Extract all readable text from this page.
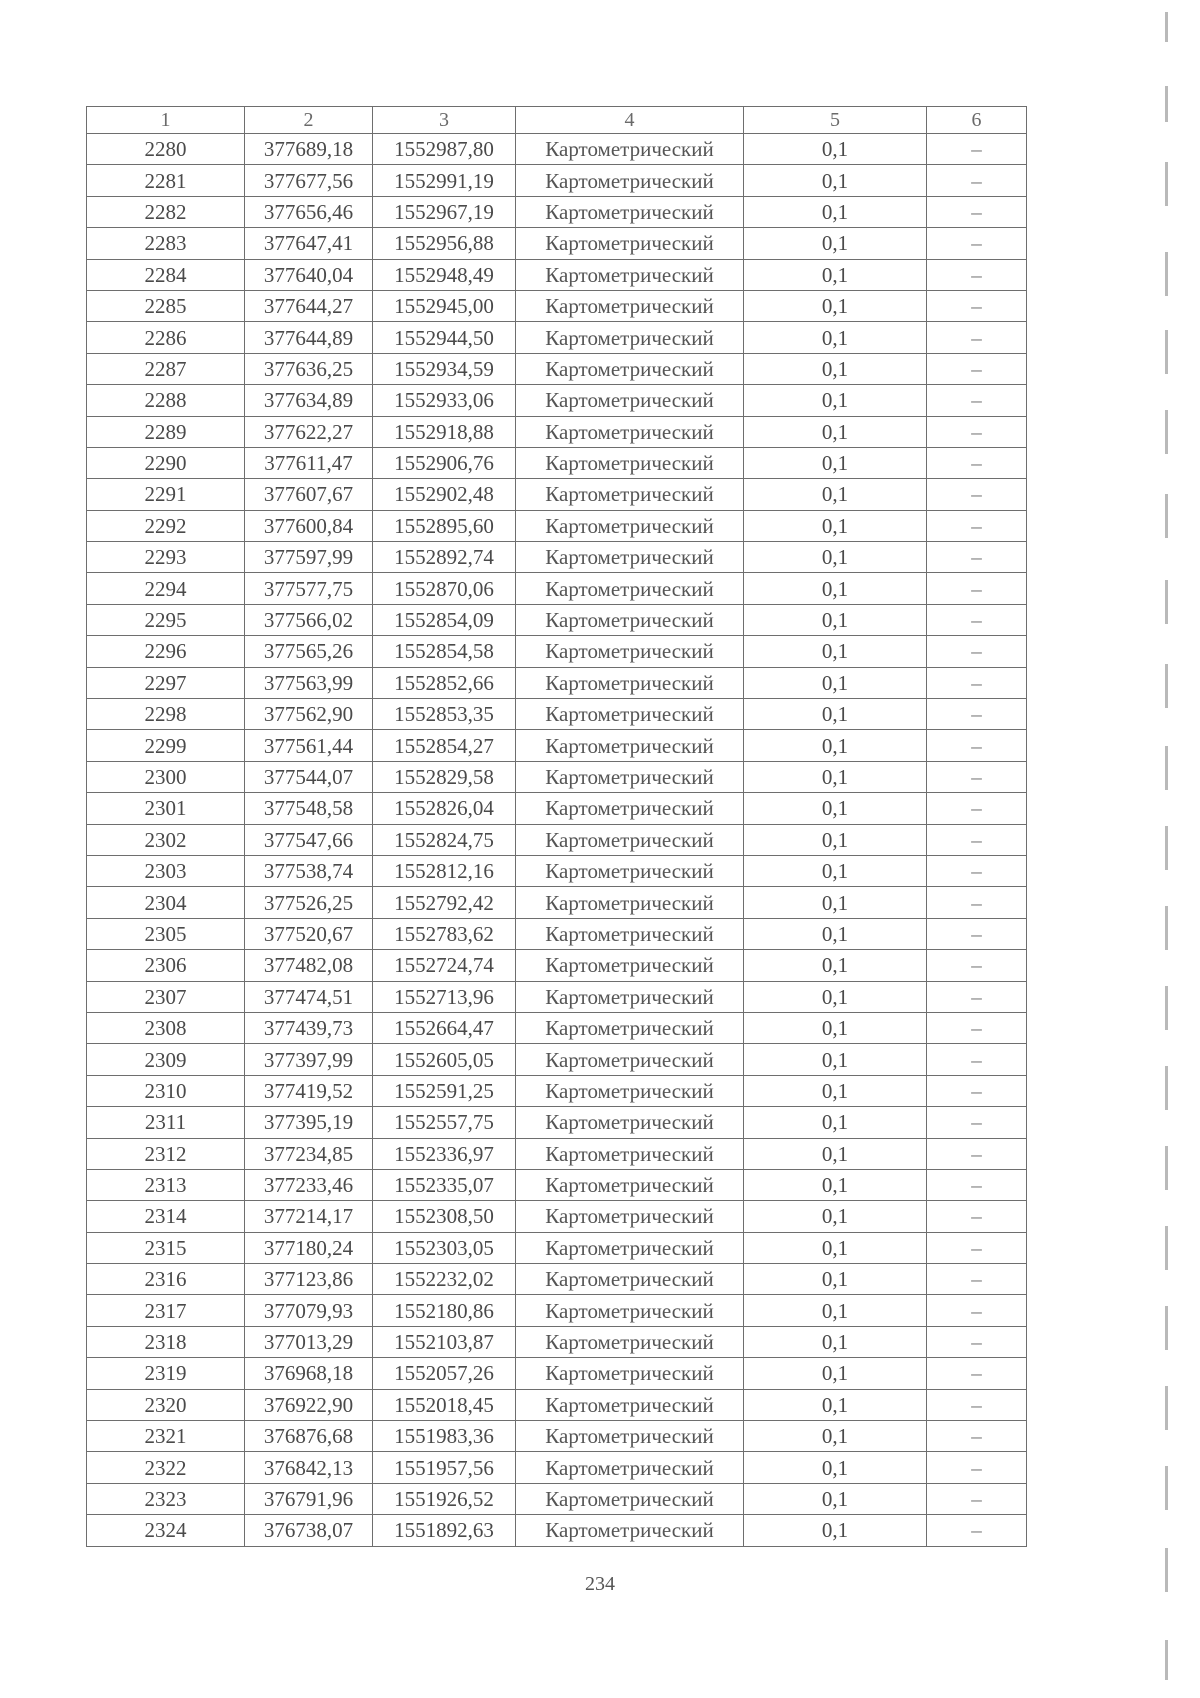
1	2	3	4	5	6
2280	377689,18	1552987,80	Картометрический	0,1	–
2281	377677,56	1552991,19	Картометрический	0,1	–
2282	377656,46	1552967,19	Картометрический	0,1	–
2283	377647,41	1552956,88	Картометрический	0,1	–
2284	377640,04	1552948,49	Картометрический	0,1	–
2285	377644,27	1552945,00	Картометрический	0,1	–
2286	377644,89	1552944,50	Картометрический	0,1	–
2287	377636,25	1552934,59	Картометрический	0,1	–
2288	377634,89	1552933,06	Картометрический	0,1	–
2289	377622,27	1552918,88	Картометрический	0,1	–
2290	377611,47	1552906,76	Картометрический	0,1	–
2291	377607,67	1552902,48	Картометрический	0,1	–
2292	377600,84	1552895,60	Картометрический	0,1	–
2293	377597,99	1552892,74	Картометрический	0,1	–
2294	377577,75	1552870,06	Картометрический	0,1	–
2295	377566,02	1552854,09	Картометрический	0,1	–
2296	377565,26	1552854,58	Картометрический	0,1	–
2297	377563,99	1552852,66	Картометрический	0,1	–
2298	377562,90	1552853,35	Картометрический	0,1	–
2299	377561,44	1552854,27	Картометрический	0,1	–
2300	377544,07	1552829,58	Картометрический	0,1	–
2301	377548,58	1552826,04	Картометрический	0,1	–
2302	377547,66	1552824,75	Картометрический	0,1	–
2303	377538,74	1552812,16	Картометрический	0,1	–
2304	377526,25	1552792,42	Картометрический	0,1	–
2305	377520,67	1552783,62	Картометрический	0,1	–
2306	377482,08	1552724,74	Картометрический	0,1	–
2307	377474,51	1552713,96	Картометрический	0,1	–
2308	377439,73	1552664,47	Картометрический	0,1	–
2309	377397,99	1552605,05	Картометрический	0,1	–
2310	377419,52	1552591,25	Картометрический	0,1	–
2311	377395,19	1552557,75	Картометрический	0,1	–
2312	377234,85	1552336,97	Картометрический	0,1	–
2313	377233,46	1552335,07	Картометрический	0,1	–
2314	377214,17	1552308,50	Картометрический	0,1	–
2315	377180,24	1552303,05	Картометрический	0,1	–
2316	377123,86	1552232,02	Картометрический	0,1	–
2317	377079,93	1552180,86	Картометрический	0,1	–
2318	377013,29	1552103,87	Картометрический	0,1	–
2319	376968,18	1552057,26	Картометрический	0,1	–
2320	376922,90	1552018,45	Картометрический	0,1	–
2321	376876,68	1551983,36	Картометрический	0,1	–
2322	376842,13	1551957,56	Картометрический	0,1	–
2323	376791,96	1551926,52	Картометрический	0,1	–
2324	376738,07	1551892,63	Картометрический	0,1	–
234
